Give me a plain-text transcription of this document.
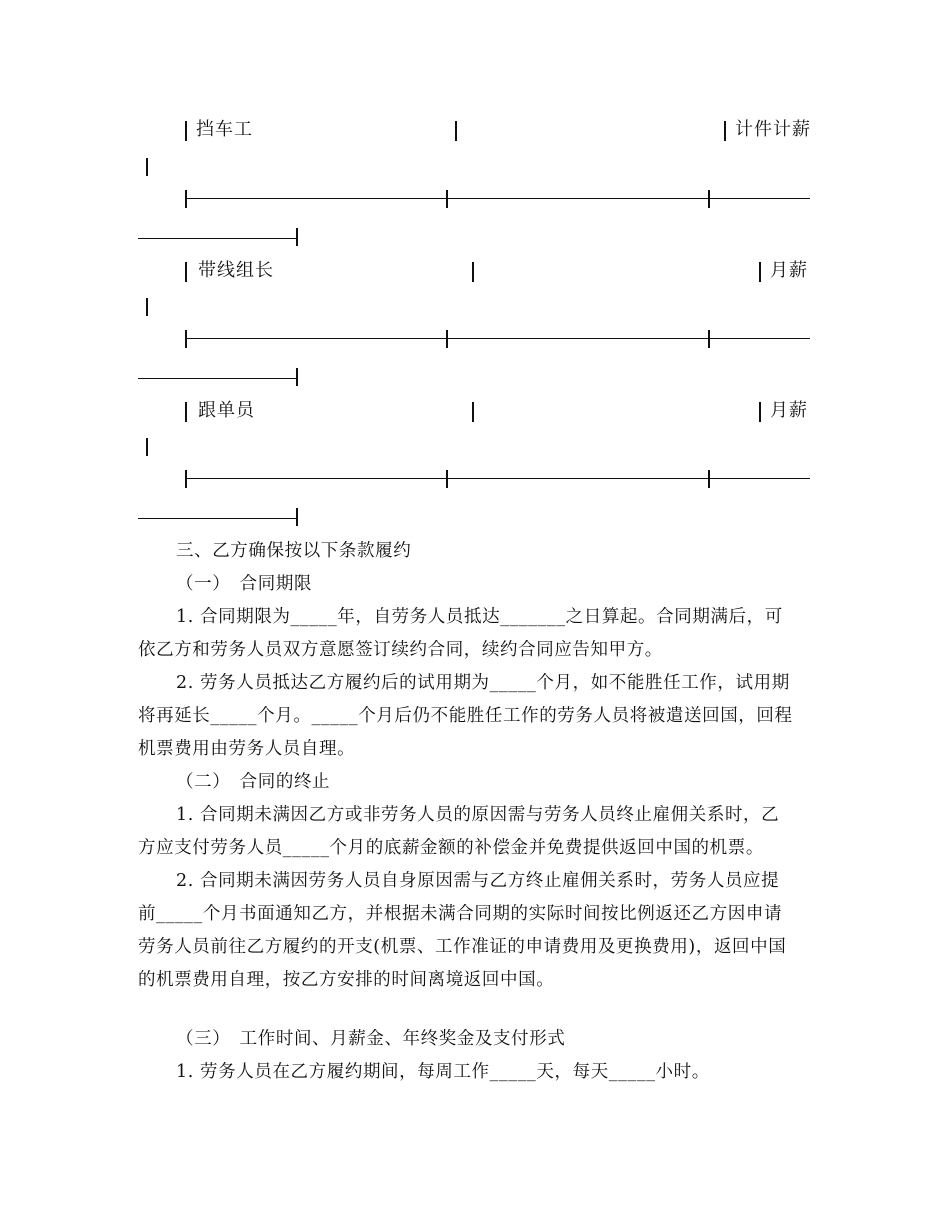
挡车工	计件计薪
带线组长	月薪
跟单员	月薪
三、乙方确保按以下条款履约
（一）　合同期限
1. 合同期限为_____年，自劳务人员抵达_______之日算起。合同期满后，可
依乙方和劳务人员双方意愿签订续约合同，续约合同应告知甲方。
2. 劳务人员抵达乙方履约后的试用期为_____个月，如不能胜任工作，试用期
将再延长_____个月。_____个月后仍不能胜任工作的劳务人员将被遣送回国，回程
机票费用由劳务人员自理。
（二）　合同的终止
1. 合同期未满因乙方或非劳务人员的原因需与劳务人员终止雇佣关系时，乙
方应支付劳务人员_____个月的底薪金额的补偿金并免费提供返回中国的机票。
2. 合同期未满因劳务人员自身原因需与乙方终止雇佣关系时，劳务人员应提
前_____个月书面通知乙方，并根据未满合同期的实际时间按比例返还乙方因申请
劳务人员前往乙方履约的开支(机票、工作准证的申请费用及更换费用)，返回中国
的机票费用自理，按乙方安排的时间离境返回中国。
（三）　工作时间、月薪金、年终奖金及支付形式
1. 劳务人员在乙方履约期间，每周工作_____天，每天_____小时。
